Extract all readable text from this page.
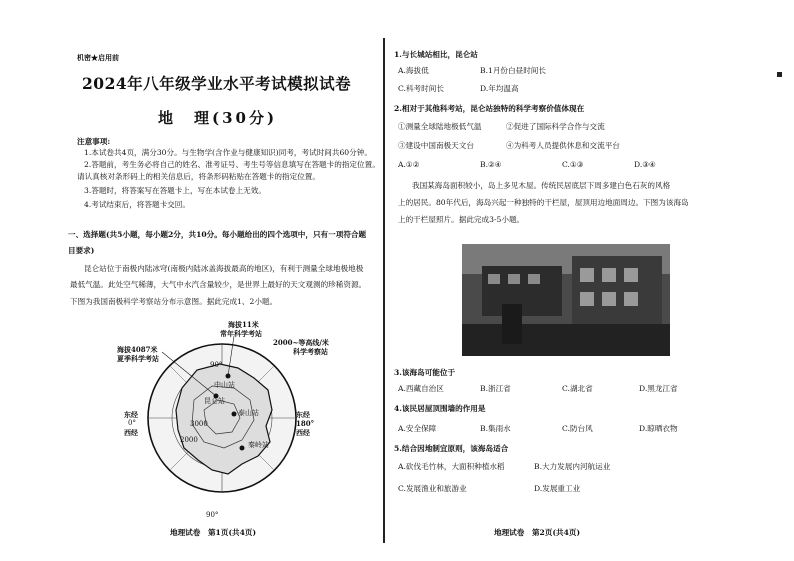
机密★启用前
2024年八年级学业水平考试模拟试卷
地　理(30分)
注意事项:
1.本试卷共4页，满分30分。与生物学(含作业与健康知识)同考，考试时间共60分钟。
2.答题前，考生务必将自己的姓名、准考证号、考生号等信息填写在答题卡的指定位置。
请认真核对条形码上的相关信息后，将条形码粘贴在答题卡的指定位置。
3.答题时，将答案写在答题卡上，写在本试卷上无效。
4.考试结束后，将答题卡交回。
一、选择题(共5小题，每小题2分，共10分。每小题给出的四个选项中，只有一项符合题
目要求)
昆仑站位于南极内陆冰穹(南极内陆冰盖海拔最高的地区)，有利于测量全球地极地极
最低气温。此处空气稀薄，大气中水汽含量较少，是世界上最好的天文观测的珍稀资源。
下图为我国南极科学考察站分布示意图。据此完成1、2小题。
海拔11米
常年科学考站
海拔4087米
夏季科学考站
2000~等高线/米
科学考察站
90°
90°
东经
西经
0°
东经
180°
西经
中山站
昆仑站
泰山站
秦岭站
3000
2000
地理试卷　第1页(共4页)
1.与长城站相比，昆仑站
A.海拔低	B.1月份白昼时间长
C.科考时间长	D.年均温高
2.相对于其他科考站，昆仑站独特的科学考察价值体现在
①测量全球陆地极低气温	②促进了国际科学合作与交流
③建设中国南极天文台	④为科考人员提供休息和交流平台
A.①②	B.②④	C.①③	D.③④
我国某海岛面积较小，岛上多见木屋。传统民居底层下周多建白色石灰的风格
上的居民。80年代后，海岛兴起一种独特的干栏屋，屋顶用边地面周边。下图为该海岛
上的干栏屋照片。据此完成3-5小题。
3.该海岛可能位于
A.西藏自治区	B.浙江省	C.湖北省	D.黑龙江省
4.该民居屋顶围墙的作用是
A.安全保障	B.集雨水	C.防台风	D.晾晒衣物
5.结合因地制宜原则，该海岛适合
A.砍伐毛竹林，大面积种植水稻	B.大力发展内河航运业
C.发展渔业和旅游业	D.发展重工业
地理试卷　第2页(共4页)
